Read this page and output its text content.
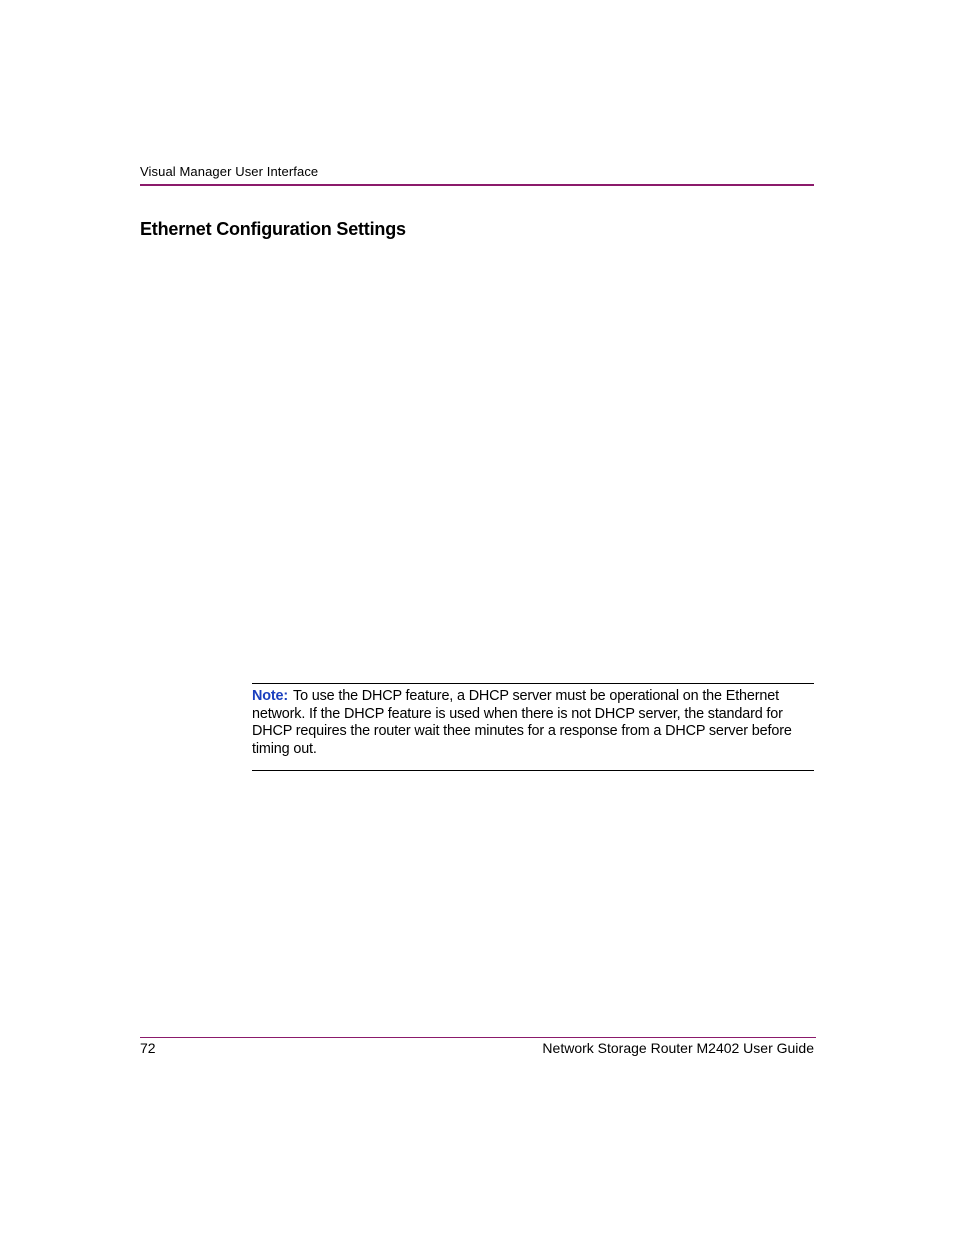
Visual Manager User Interface
Ethernet Configuration Settings
Note: To use the DHCP feature, a DHCP server must be operational on the Ethernet network. If the DHCP feature is used when there is not DHCP server, the standard for DHCP requires the router wait thee minutes for a response from a DHCP server before timing out.
72	Network Storage Router M2402 User Guide
